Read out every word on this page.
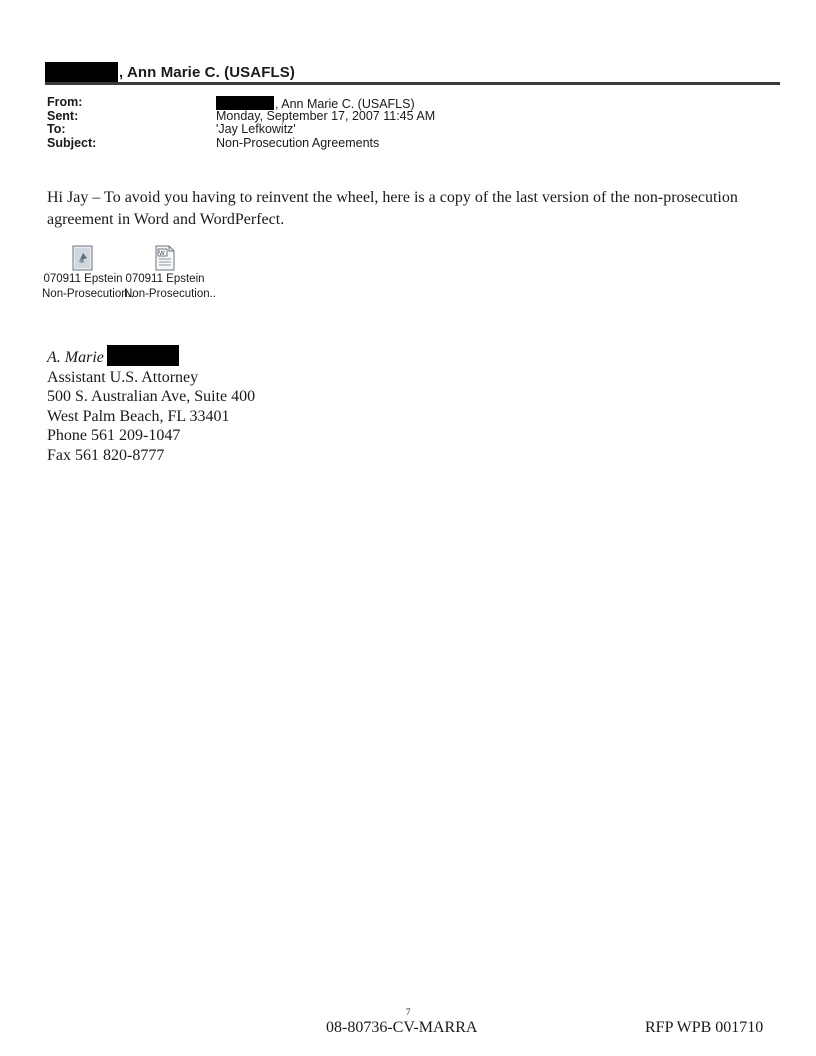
, Ann Marie C. (USAFLS)
From:	, Ann Marie C. (USAFLS)
Sent:	Monday, September 17, 2007 11:45 AM
To:	'Jay Lefkowitz'
Subject:	Non-Prosecution Agreements
Hi Jay – To avoid you having to reinvent the wheel, here is a copy of the last version of the non-prosecution
agreement in Word and WordPerfect.
070911 Epstein
Non-Prosecution..
W
070911 Epstein
Non-Prosecution..
A. Marie
Assistant U.S. Attorney
500 S. Australian Ave, Suite 400
West Palm Beach, FL 33401
Phone 561 209-1047
Fax 561 820-8777
7
08-80736-CV-MARRA	RFP WPB 001710
